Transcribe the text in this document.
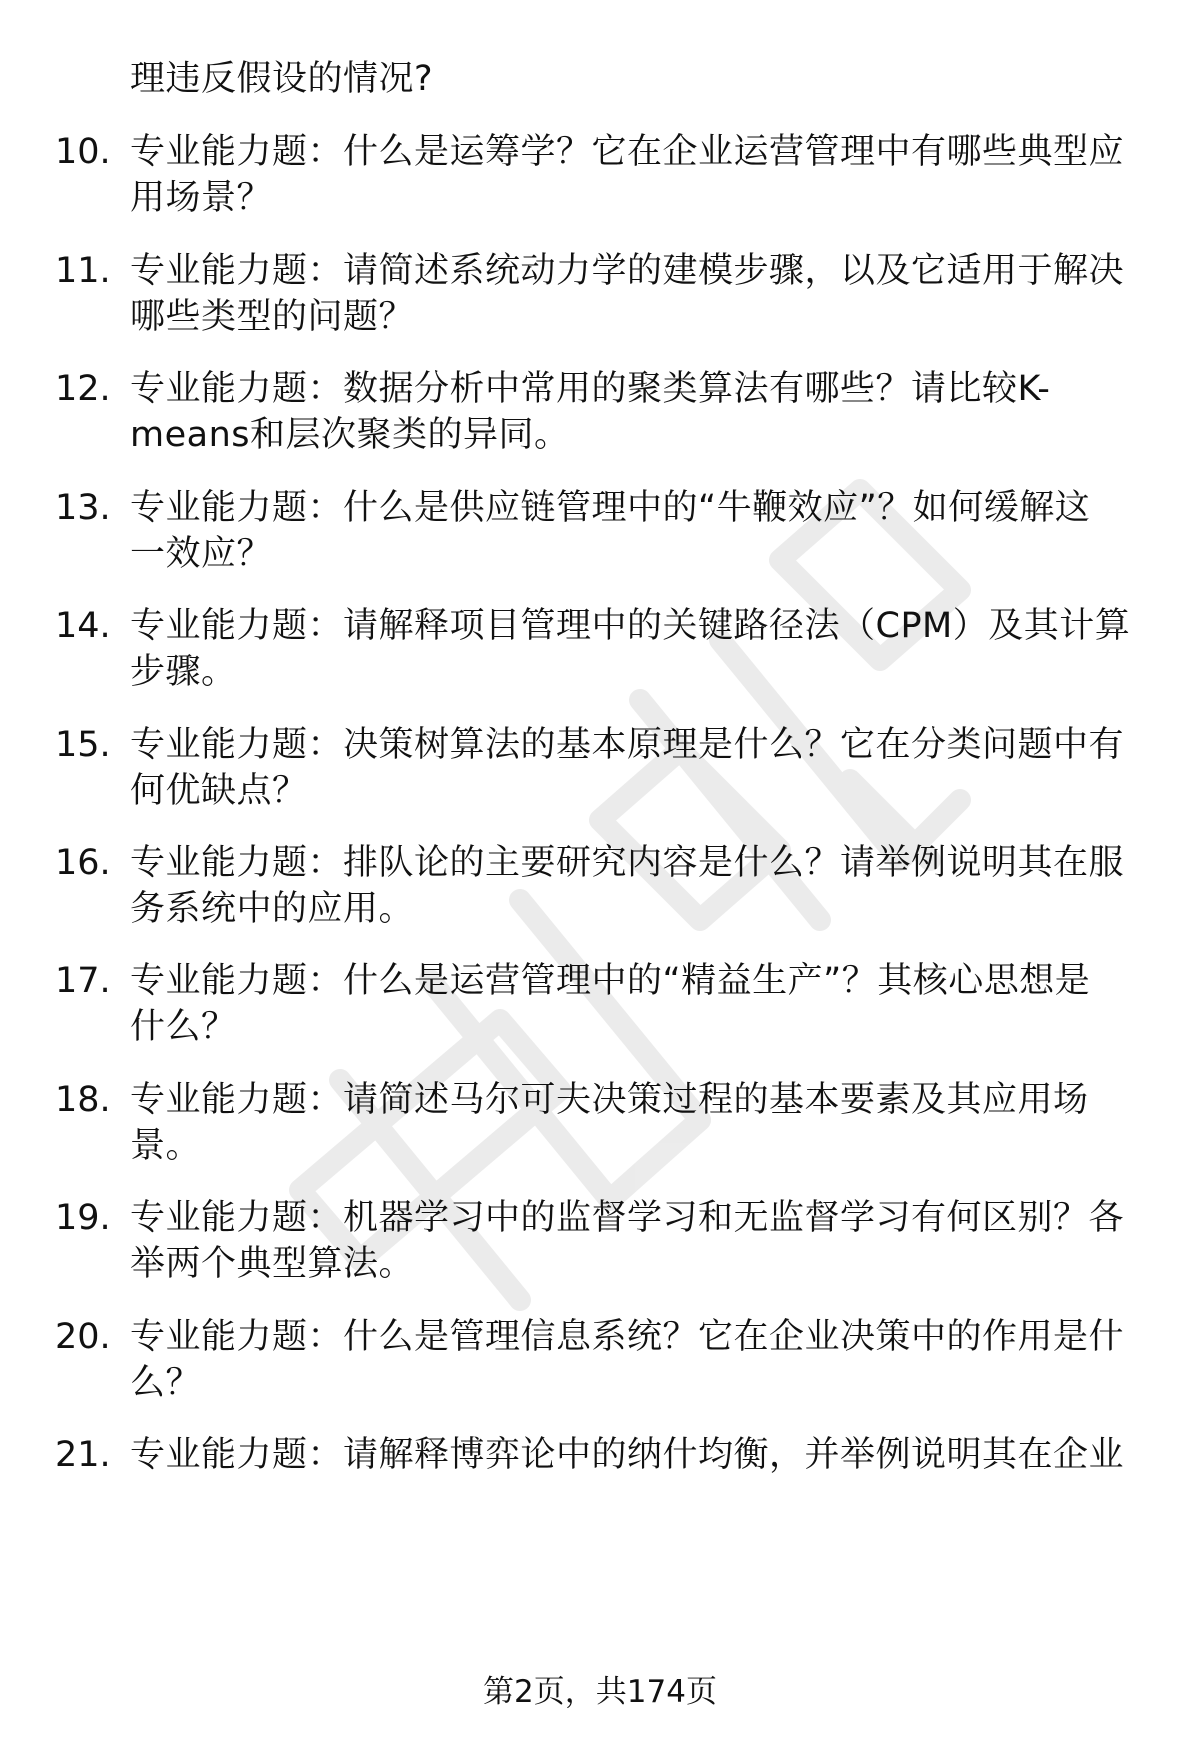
理违反假设的情况?
10. 专业能力题：什么是运筹学？它在企业运营管理中有哪些典型应
用场景？
11. 专业能力题：请简述系统动力学的建模步骤，以及它适用于解决
哪些类型的问题？
12. 专业能力题：数据分析中常用的聚类算法有哪些？请比较K-
means和层次聚类的异同。
13. 专业能力题：什么是供应链管理中的“牛鞭效应”？如何缓解这
一效应？
14. 专业能力题：请解释项目管理中的关键路径法（CPM）及其计算
步骤。
15. 专业能力题：决策树算法的基本原理是什么？它在分类问题中有
何优缺点？
16. 专业能力题：排队论的主要研究内容是什么？请举例说明其在服
务系统中的应用。
17. 专业能力题：什么是运营管理中的“精益生产”？其核心思想是
什么？
18. 专业能力题：请简述马尔可夫决策过程的基本要素及其应用场
景。
19. 专业能力题：机器学习中的监督学习和无监督学习有何区别？各
举两个典型算法。
20. 专业能力题：什么是管理信息系统？它在企业决策中的作用是什
么？
21. 专业能力题：请解释博弈论中的纳什均衡，并举例说明其在企业
第2页，共174页
